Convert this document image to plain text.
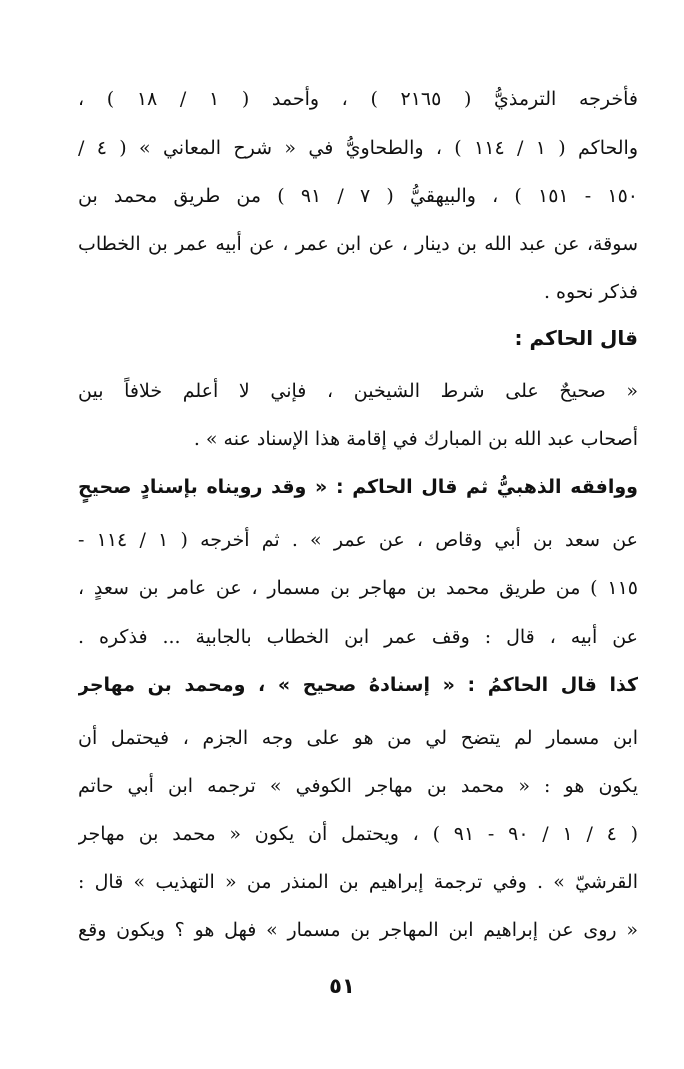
فأخرجه الترمذيُّ ( ٢١٦٥ ) ، وأحمد ( ١ / ١٨ ) ،
والحاكم ( ١ / ١١٤ ) ، والطحاويُّ في « شرح المعاني » ( ٤ /
١٥٠ - ١٥١ ) ، والبيهقيُّ ( ٧ / ٩١ ) من طريق محمد بن
سوقة، عن عبد الله بن دينار ، عن ابن عمر ، عن أبيه عمر بن الخطاب
فذكر نحوه .
قال الحاكم :
« صحيحٌ على شرط الشيخين ، فإني لا أعلم خلافاً بين
أصحاب عبد الله بن المبارك في إقامة هذا الإسناد عنه » .
ووافقه الذهبيُّ ثم قال الحاكم : « وقد رويناه بإسنادٍ صحيحٍ
عن سعد بن أبي وقاص ، عن عمر » . ثم أخرجه ( ١ / ١١٤ -
١١٥ ) من طريق محمد بن مهاجر بن مسمار ، عن عامر بن سعدٍ ،
عن أبيه ، قال : وقف عمر ابن الخطاب بالجابية ... فذكره .
كذا قال الحاكمُ : « إسنادهُ صحيح » ، ومحمد بن مهاجر
ابن مسمار لم يتضح لي من هو على وجه الجزم ، فيحتمل أن
يكون هو : « محمد بن مهاجر الكوفي » ترجمه ابن أبي حاتم
( ٤ / ١ / ٩٠ - ٩١ ) ، ويحتمل أن يكون « محمد بن مهاجر
القرشيّ » . وفي ترجمة إبراهيم بن المنذر من « التهذيب » قال :
« روى عن إبراهيم ابن المهاجر بن مسمار » فهل هو ؟ ويكون وقع
٥١
